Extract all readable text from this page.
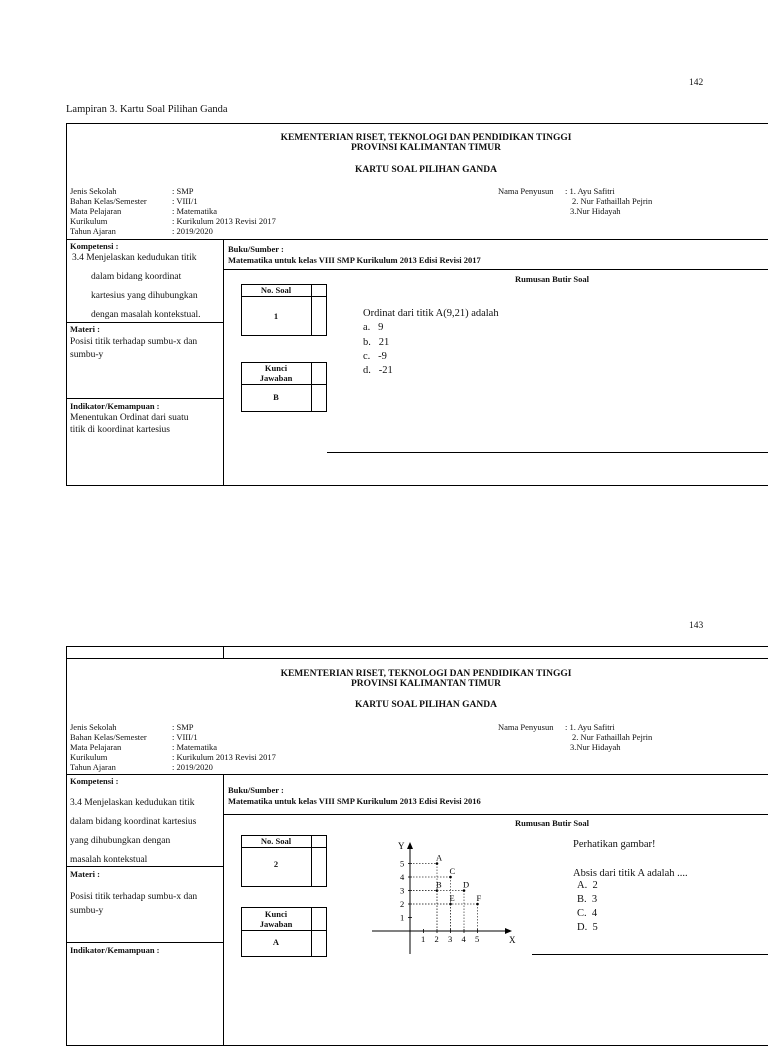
142
Lampiran 3. Kartu Soal Pilihan Ganda
KEMENTERIAN RISET, TEKNOLOGI DAN PENDIDIKAN TINGGI
PROVINSI KALIMANTAN TIMUR
KARTU SOAL PILIHAN GANDA
Jenis Sekolah	: SMP
Bahan Kelas/Semester	: VIII/1
Mata Pelajaran	: Matematika
Kurikulum	: Kurikulum 2013 Revisi 2017
Tahun Ajaran	: 2019/2020
Nama Penyusun : 1. Ayu Safitri
2. Nur Fathaillah Pejrin
3.Nur Hidayah
Kompetensi :
3.4 Menjelaskan kedudukan titik
dalam bidang koordinat
kartesius yang dihubungkan
dengan masalah kontekstual.
Materi :
Posisi titik terhadap sumbu-x dan
sumbu-y
Indikator/Kemampuan :
Menentukan Ordinat dari suatu
titik di koordinat kartesius
Buku/Sumber :
Matematika untuk kelas VIII SMP Kurikulum 2013 Edisi Revisi 2017
Rumusan Butir Soal
No. Soal
1
Kunci
Jawaban
B
Ordinat dari titik A(9,21) adalah
a. 9
b. 21
c. -9
d. -21
143
KEMENTERIAN RISET, TEKNOLOGI DAN PENDIDIKAN TINGGI
PROVINSI KALIMANTAN TIMUR
KARTU SOAL PILIHAN GANDA
Jenis Sekolah	: SMP
Bahan Kelas/Semester	: VIII/1
Mata Pelajaran	: Matematika
Kurikulum	: Kurikulum 2013 Revisi 2017
Tahun Ajaran	: 2019/2020
Nama Penyusun : 1. Ayu Safitri
2. Nur Fathaillah Pejrin
3.Nur Hidayah
Kompetensi :
3.4 Menjelaskan kedudukan titik
dalam bidang koordinat kartesius
yang dihubungkan dengan
masalah kontekstual
Materi :
Posisi titik terhadap sumbu-x dan
sumbu-y
Indikator/Kemampuan :
Buku/Sumber :
Matematika untuk kelas VIII SMP Kurikulum 2013 Edisi Revisi 2016
Rumusan Butir Soal
No. Soal
2
Kunci
Jawaban
A	X
Y
1 2 3 4 5
1
2
3
4
5
A
B
C
D
E	F
Perhatikan gambar!
Absis dari titik A adalah ....
A. 2
B. 3
C. 4
D. 5
